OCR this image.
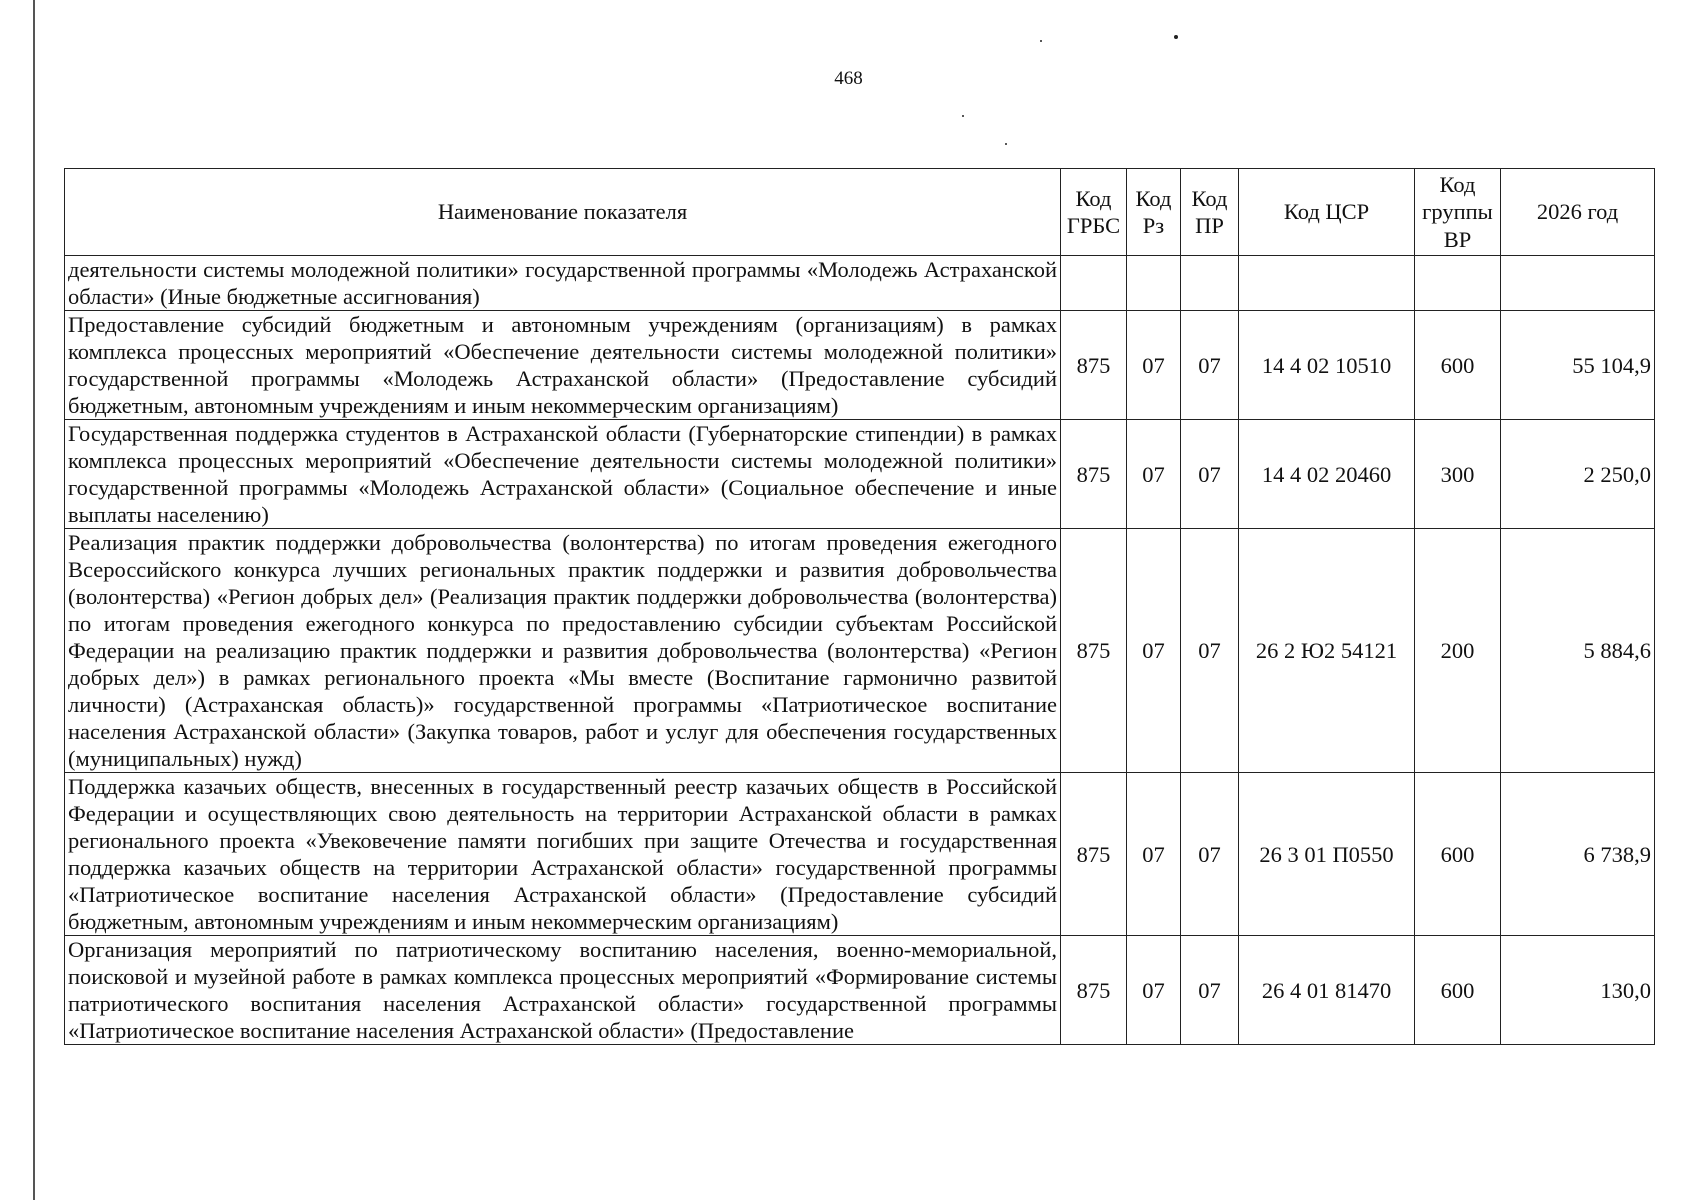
468
Наименование показателя	Код ГРБС	Код Рз	Код ПР	Код ЦСР	Код группы ВР	2026 год
деятельности системы молодежной политики» государственной программы «Молодежь Астраханской области» (Иные бюджетные ассигнования)						
Предоставление субсидий бюджетным и автономным учреждениям (организациям) в рамках комплекса процессных мероприятий «Обеспечение деятельности системы молодежной политики» государственной программы «Молодежь Астраханской области» (Предоставление субсидий бюджетным, автономным учреждениям и иным некоммерческим организациям)	875	07	07	14 4 02 10510	600	55 104,9
Государственная поддержка студентов в Астраханской области (Губернаторские стипендии) в рамках комплекса процессных мероприятий «Обеспечение деятельности системы молодежной политики» государственной программы «Молодежь Астраханской области» (Социальное обеспечение и иные выплаты населению)	875	07	07	14 4 02 20460	300	2 250,0
Реализация практик поддержки добровольчества (волонтерства) по итогам проведения ежегодного Всероссийского конкурса лучших региональных практик поддержки и развития добровольчества (волонтерства) «Регион добрых дел» (Реализация практик поддержки добровольчества (волонтерства) по итогам проведения ежегодного конкурса по предоставлению субсидии субъектам Российской Федерации на реализацию практик поддержки и развития добровольчества (волонтерства) «Регион добрых дел») в рамках регионального проекта «Мы вместе (Воспитание гармонично развитой личности) (Астраханская область)» государственной программы «Патриотическое воспитание населения Астраханской области» (Закупка товаров, работ и услуг для обеспечения государственных (муниципальных) нужд)	875	07	07	26 2 Ю2 54121	200	5 884,6
Поддержка казачьих обществ, внесенных в государственный реестр казачьих обществ в Российской Федерации и осуществляющих свою деятельность на территории Астраханской области в рамках регионального проекта «Увековечение памяти погибших при защите Отечества и государственная поддержка казачьих обществ на территории Астраханской области» государственной программы «Патриотическое воспитание населения Астраханской области» (Предоставление субсидий бюджетным, автономным учреждениям и иным некоммерческим организациям)	875	07	07	26 3 01 П0550	600	6 738,9
Организация мероприятий по патриотическому воспитанию населения, военно-мемориальной, поисковой и музейной работе в рамках комплекса процессных мероприятий «Формирование системы патриотического воспитания населения Астраханской области» государственной программы «Патриотическое воспитание населения Астраханской области» (Предоставление	875	07	07	26 4 01 81470	600	130,0
